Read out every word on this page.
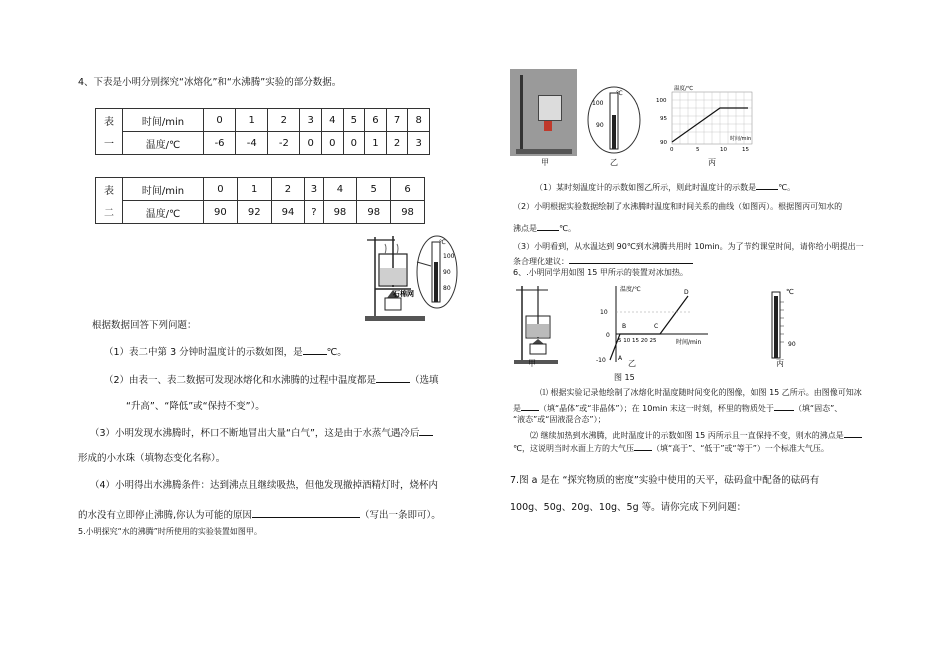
4、下表是小明分别探究“冰熔化”和“水沸腾”实验的部分数据。
表	时间/min	0	1	2	3	4	5	6	7	8
一	温度/℃	-6	-4	-2	0	0	0	1	2	3
表	时间/min	0	1	2	3	4	5	6
二	温度/℃	90	92	94	?	98	98	98
℃
100
90
80
石棉网
根据数据回答下列问题：
（1）表二中第 3 分钟时温度计的示数如图，是	℃。
（2）由表一、表二数据可发现冰熔化和水沸腾的过程中温度都是	（选填
“升高”、“降低”或“保持不变”）。
（3）小明发现水沸腾时，杯口不断地冒出大量“白气”，这是由于水蒸气遇冷后
形成的小水珠（填物态变化名称）。
（4）小明得出水沸腾条件：达到沸点且继续吸热，但他发现撤掉酒精灯时，烧杯内
的水没有立即停止沸腾,你认为可能的原因	（写出一条即可）。
5.小明探究“水的沸腾”时所使用的实验装置如图甲。
甲
℃
100
90
乙
温度/℃
100
95
90
0	5	10	15
时间/min
丙
（1）某时刻温度计的示数如图乙所示，则此时温度计的示数是	℃。
（2）小明根据实验数据绘制了水沸腾时温度和时间关系的曲线（如图丙）。根据图丙可知水的
沸点是	℃。
（3）小明看到，从水温达到 90℃到水沸腾共用时 10min。为了节约课堂时间，请你给小明提出一
条合理化建议：
6、.小明同学用如图 15 甲所示的装置对冰加热。
甲
温度/℃
10
0
-10
5 10 15 20 25	时间/min
A
B	C
D
乙
图 15
℃
90
丙
⑴ 根据实验记录他绘制了冰熔化时温度随时间变化的图像，如图 15 乙所示。由图像可知冰
是 （填“晶体”或“非晶体”）；在 10min 末这一时刻，杯里的物质处于	（填“固态”、
“液态”或“固液混合态”）；
⑵ 继续加热到水沸腾，此时温度计的示数如图 15 丙所示且一直保持不变，则水的沸点是
℃，这说明当时水面上方的大气压 （填“高于”、“低于”或“等于”）一个标准大气压。
7.图 a 是在 “探究物质的密度”实验中使用的天平，砝码盒中配备的砝码有
100g、50g、20g、10g、5g 等。请你完成下列问题：
